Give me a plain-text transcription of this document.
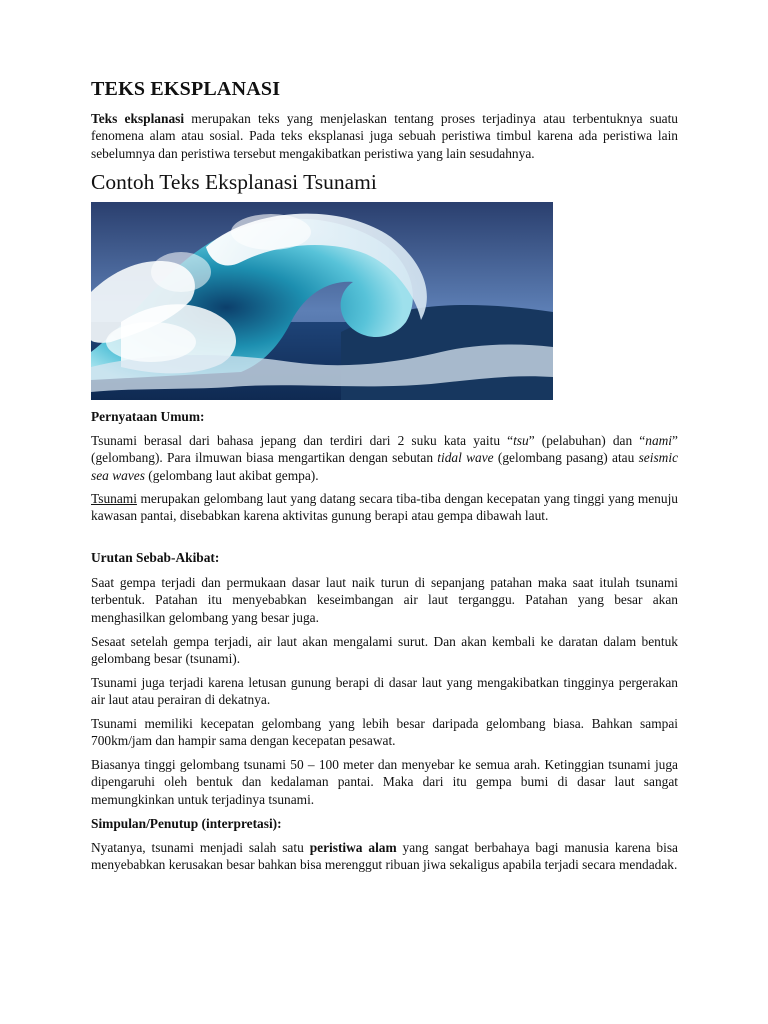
TEKS EKSPLANASI

Teks eksplanasi merupakan teks yang menjelaskan tentang proses terjadinya atau terbentuknya suatu fenomena alam atau sosial. Pada teks eksplanasi juga sebuah peristiwa timbul karena ada peristiwa lain sebelumnya dan peristiwa tersebut mengakibatkan peristiwa yang lain sesudahnya.

Contoh Teks Eksplanasi Tsunami

Pernyataan Umum:

Tsunami berasal dari bahasa jepang dan terdiri dari 2 suku kata yaitu “tsu” (pelabuhan) dan “nami” (gelombang). Para ilmuwan biasa mengartikan dengan sebutan tidal wave (gelombang pasang) atau seismic sea waves (gelombang laut akibat gempa).

Tsunami merupakan gelombang laut yang datang secara tiba-tiba dengan kecepatan yang tinggi yang menuju kawasan pantai, disebabkan karena aktivitas gunung berapi atau gempa dibawah laut.

Urutan Sebab-Akibat:

Saat gempa terjadi dan permukaan dasar laut naik turun di sepanjang patahan maka saat itulah tsunami terbentuk. Patahan itu menyebabkan keseimbangan air laut terganggu. Patahan yang besar akan menghasilkan gelombang yang besar juga.

Sesaat setelah gempa terjadi, air laut akan mengalami surut. Dan akan kembali ke daratan dalam bentuk gelombang besar (tsunami).

Tsunami juga terjadi karena letusan gunung berapi di dasar laut yang mengakibatkan tingginya pergerakan air laut atau perairan di dekatnya.

Tsunami memiliki kecepatan gelombang yang lebih besar daripada gelombang biasa. Bahkan sampai 700km/jam dan hampir sama dengan kecepatan pesawat.

Biasanya tinggi gelombang tsunami 50 – 100 meter dan menyebar ke semua arah. Ketinggian tsunami juga dipengaruhi oleh bentuk dan kedalaman pantai. Maka dari itu gempa bumi di dasar laut sangat memungkinkan untuk terjadinya tsunami.

Simpulan/Penutup (interpretasi):

Nyatanya, tsunami menjadi salah satu peristiwa alam yang sangat berbahaya bagi manusia karena bisa menyebabkan kerusakan besar bahkan bisa merenggut ribuan jiwa sekaligus apabila terjadi secara mendadak.
